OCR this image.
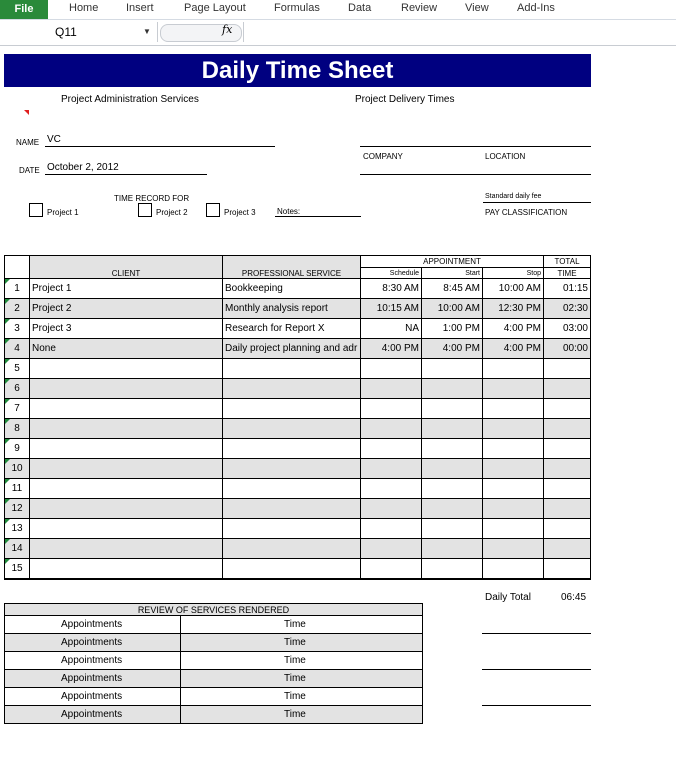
File	Home	Insert	Page Layout	Formulas	Data	Review	View	Add-Ins
Q11	▼	fx
Daily Time Sheet
Project Administration Services	Project Delivery Times
NAME VC
DATE October 2, 2012
COMPANY	LOCATION
TIME RECORD FOR
Project 1	Project 2	Project 3	Notes:
Standard daily fee
PAY CLASSIFICATION
	CLIENT	PROFESSIONAL SERVICE	APPOINTMENT			TOTAL
			Schedule	Start	Stop	TIME
1	Project 1	Bookkeeping	8:30 AM	8:45 AM	10:00 AM	01:15
2	Project 2	Monthly analysis report	10:15 AM	10:00 AM	12:30 PM	02:30
3	Project 3	Research for Report X	NA	1:00 PM	4:00 PM	03:00
4	None	Daily project planning and adr	4:00 PM	4:00 PM	4:00 PM	00:00
5						
6						
7						
8						
9						
10						
11						
12						
13						
14						
15						
Daily Total	06:45
REVIEW OF SERVICES RENDERED	
Appointments	Time
Appointments	Time
Appointments	Time
Appointments	Time
Appointments	Time
Appointments	Time
